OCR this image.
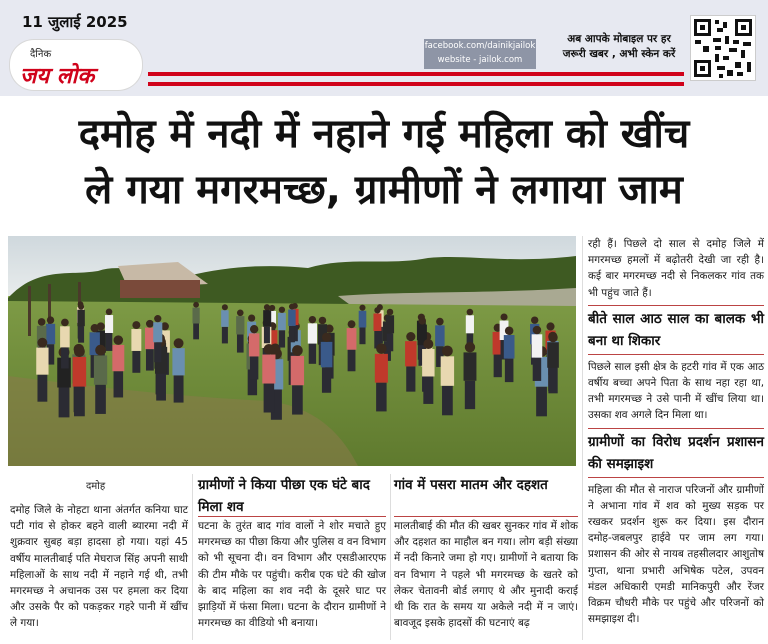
11 जुलाई 2025
दैनिक
जय लोक
facebook.com/dainikjailok
website - jailok.com
अब आपके मोबाइल पर हर
जरूरी खबर , अभी स्केन करें
दमोह में नदी में नहाने गई महिला को खींच
ले गया मगरमच्छ, ग्रामीणों ने लगाया जाम
दमोह
दमोह जिले के नोहटा थाना अंतर्गत कनिया घाट पटी गांव से होकर बहने वाली ब्यारमा नदी में शुक्रवार सुबह बड़ा हादसा हो गया। यहां 45 वर्षीय मालतीबाई पति मेघराज सिंह अपनी साथी महिलाओं के साथ नदी में नहाने गई थी, तभी मगरमच्छ ने अचानक उस पर हमला कर दिया और उसके पैर को पकड़कर गहरे पानी में खींच ले गया।
ग्रामीणों ने किया पीछा एक घंटे बाद मिला शव
घटना के तुरंत बाद गांव वालों ने शोर मचाते हुए मगरमच्छ का पीछा किया और पुलिस व वन विभाग को भी सूचना दी। वन विभाग और एसडीआरएफ की टीम मौके पर पहुंची। करीब एक घंटे की खोज के बाद महिला का शव नदी के दूसरे घाट पर झाड़ियों में फंसा मिला। घटना के दौरान ग्रामीणों ने मगरमच्छ का वीडियो भी बनाया।
गांव में पसरा मातम और दहशत
मालतीबाई की मौत की खबर सुनकर गांव में शोक और दहशत का माहौल बन गया। लोग बड़ी संख्या में नदी किनारे जमा हो गए। ग्रामीणों ने बताया कि वन विभाग ने पहले भी मगरमच्छ के खतरे को लेकर चेतावनी बोर्ड लगाए थे और मुनादी कराई थी कि रात के समय या अकेले नदी में न जाएं। बावजूद इसके हादसों की घटनाएं बढ़
रही हैं। पिछले दो साल से दमोह जिले में मगरमच्छ हमलों में बढ़ोतरी देखी जा रही है। कई बार मगरमच्छ नदी से निकलकर गांव तक भी पहुंच जाते हैं।
बीते साल आठ साल का बालक भी बना था शिकार
पिछले साल इसी क्षेत्र के हटरी गांव में एक आठ वर्षीय बच्चा अपने पिता के साथ नहा रहा था, तभी मगरमच्छ ने उसे पानी में खींच लिया था। उसका शव अगले दिन मिला था।
ग्रामीणों का विरोध प्रदर्शन प्रशासन की समझाइश
महिला की मौत से नाराज परिजनों और ग्रामीणों ने अभाना गांव में शव को मुख्य सड़क पर रखकर प्रदर्शन शुरू कर दिया। इस दौरान दमोह-जबलपुर हाईवे पर जाम लग गया। प्रशासन की ओर से नायब तहसीलदार आशुतोष गुप्ता, थाना प्रभारी अभिषेक पटेल, उपवन मंडल अधिकारी एमडी मानिकपुरी और रेंजर विक्रम चौधरी मौके पर पहुंचे और परिजनों को समझाइश दी।
